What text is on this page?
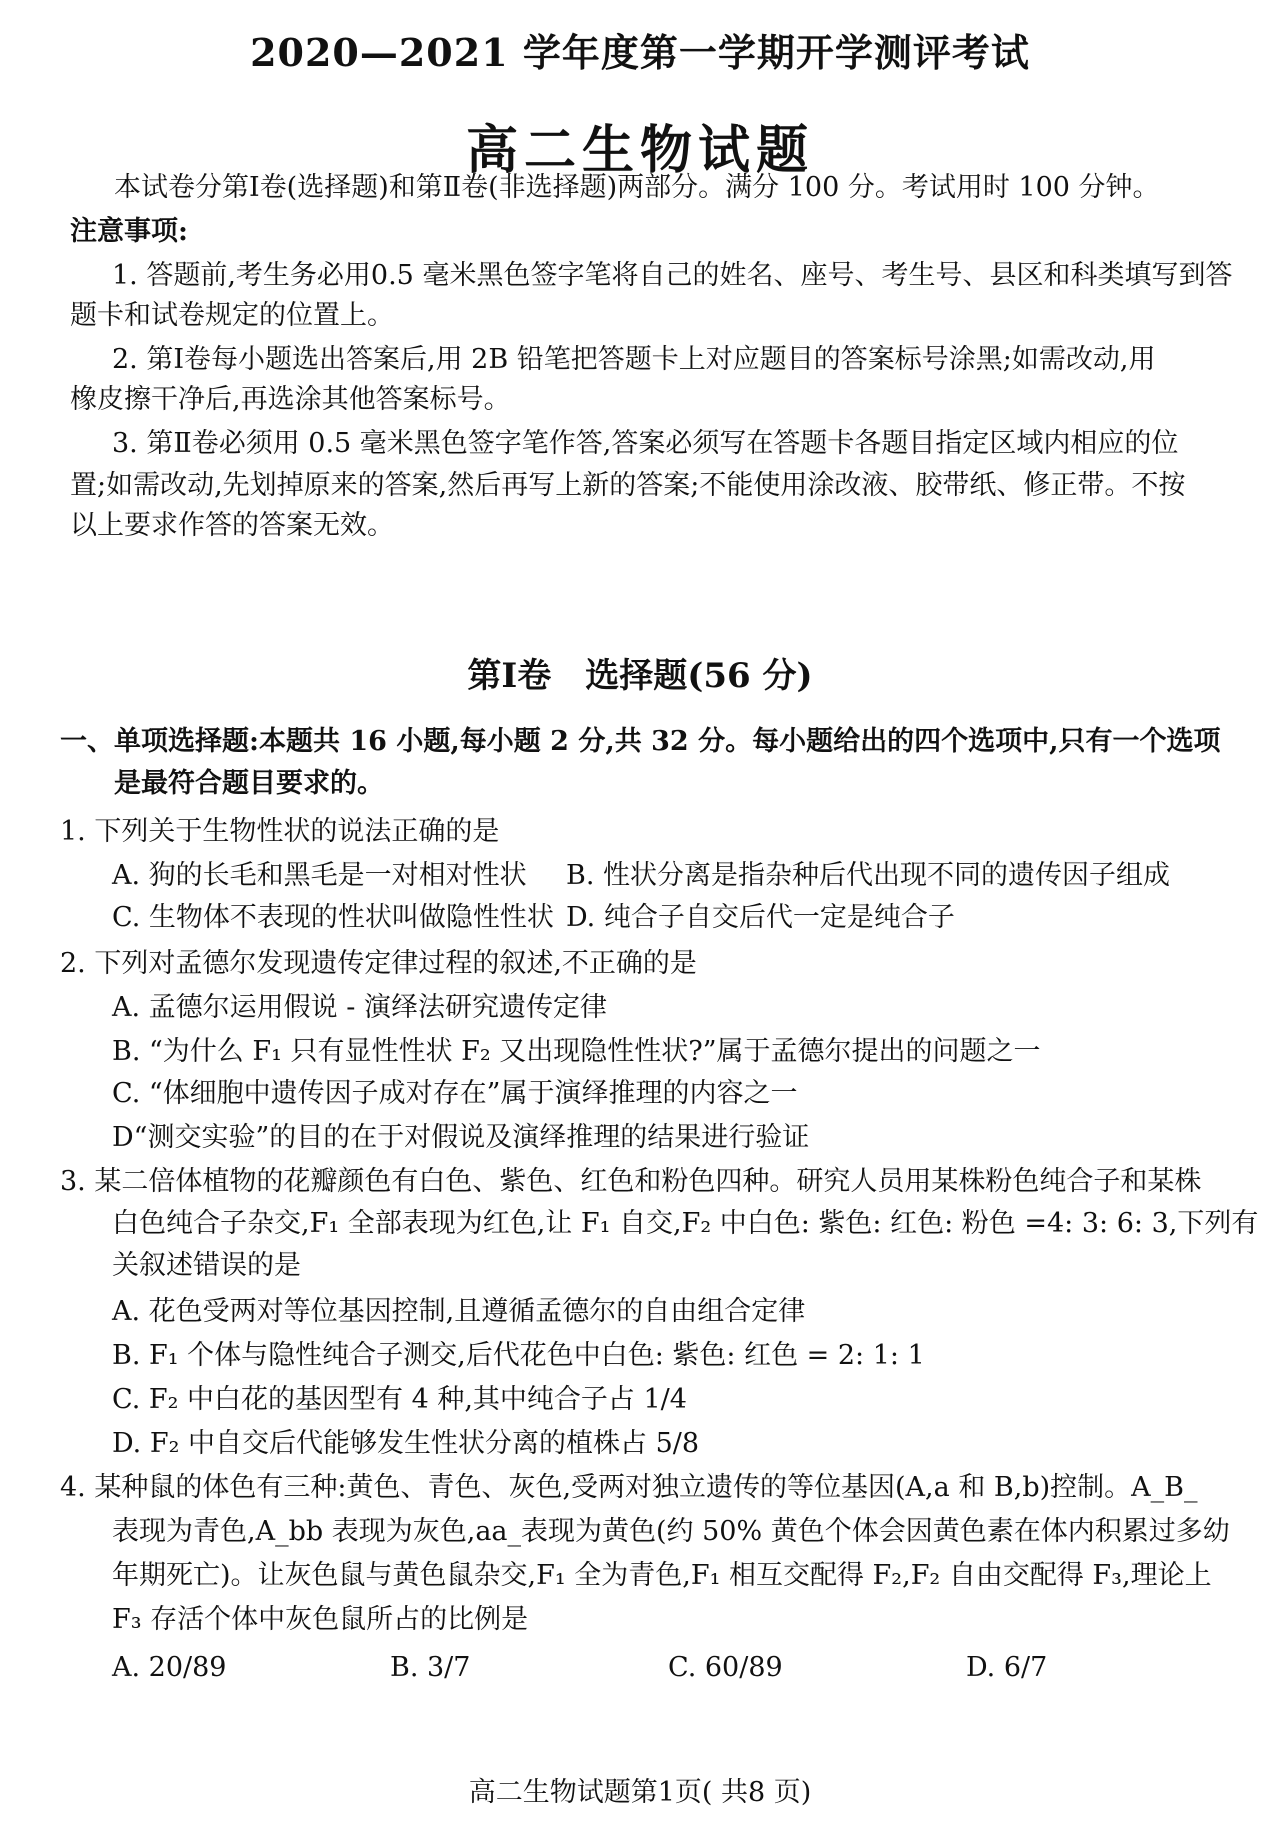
2020—2021 学年度第一学期开学测评考试
高二生物试题
本试卷分第Ⅰ卷(选择题)和第Ⅱ卷(非选择题)两部分。满分 100 分。考试用时 100 分钟。
注意事项:
1. 答题前,考生务必用0.5 毫米黑色签字笔将自己的姓名、座号、考生号、县区和科类填写到答
题卡和试卷规定的位置上。
2. 第Ⅰ卷每小题选出答案后,用 2B 铅笔把答题卡上对应题目的答案标号涂黑;如需改动,用
橡皮擦干净后,再选涂其他答案标号。
3. 第Ⅱ卷必须用 0.5 毫米黑色签字笔作答,答案必须写在答题卡各题目指定区域内相应的位
置;如需改动,先划掉原来的答案,然后再写上新的答案;不能使用涂改液、胶带纸、修正带。不按
以上要求作答的答案无效。
第Ⅰ卷　选择题(56 分)
一、单项选择题:本题共 16 小题,每小题 2 分,共 32 分。每小题给出的四个选项中,只有一个选项
是最符合题目要求的。
1. 下列关于生物性状的说法正确的是
A. 狗的长毛和黑毛是一对相对性状 B. 性状分离是指杂种后代出现不同的遗传因子组成
C. 生物体不表现的性状叫做隐性性状 D. 纯合子自交后代一定是纯合子
2. 下列对孟德尔发现遗传定律过程的叙述,不正确的是
A. 孟德尔运用假说 - 演绎法研究遗传定律
B. “为什么 F₁ 只有显性性状 F₂ 又出现隐性性状?”属于孟德尔提出的问题之一
C. “体细胞中遗传因子成对存在”属于演绎推理的内容之一
D“测交实验”的目的在于对假说及演绎推理的结果进行验证
3. 某二倍体植物的花瓣颜色有白色、紫色、红色和粉色四种。研究人员用某株粉色纯合子和某株
白色纯合子杂交,F₁ 全部表现为红色,让 F₁ 自交,F₂ 中白色: 紫色: 红色: 粉色 =4: 3: 6: 3,下列有
关叙述错误的是
A. 花色受两对等位基因控制,且遵循孟德尔的自由组合定律
B. F₁ 个体与隐性纯合子测交,后代花色中白色: 紫色: 红色 = 2: 1: 1
C. F₂ 中白花的基因型有 4 种,其中纯合子占 1/4
D. F₂ 中自交后代能够发生性状分离的植株占 5/8
4. 某种鼠的体色有三种:黄色、青色、灰色,受两对独立遗传的等位基因(A,a 和 B,b)控制。A_B_
表现为青色,A_bb 表现为灰色,aa_表现为黄色(约 50% 黄色个体会因黄色素在体内积累过多幼
年期死亡)。让灰色鼠与黄色鼠杂交,F₁ 全为青色,F₁ 相互交配得 F₂,F₂ 自由交配得 F₃,理论上
F₃ 存活个体中灰色鼠所占的比例是
A. 20/89	B. 3/7	C. 60/89	D. 6/7
高二生物试题第1页( 共8 页)
